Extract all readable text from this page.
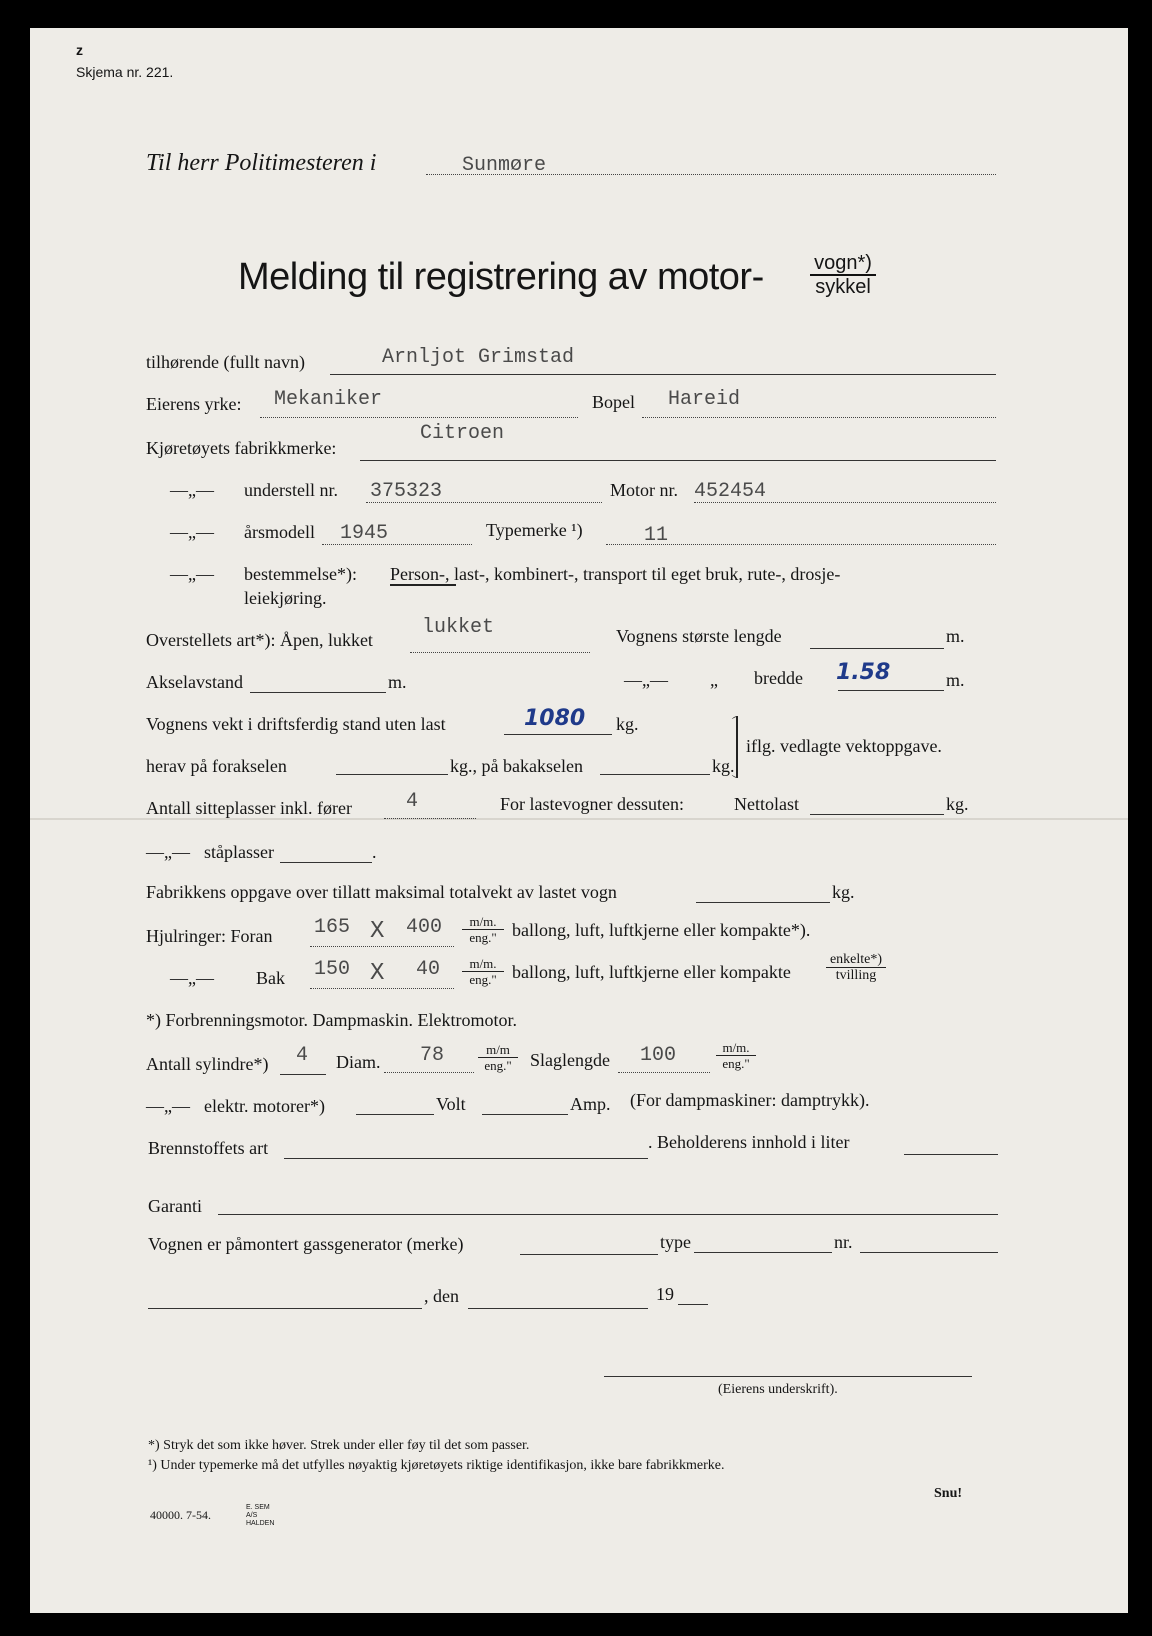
z
Skjema nr. 221.
Til herr Politimesteren i	Sunmøre
Melding til registrering av motor-	vogn*)
sykkel
tilhørende (fullt navn)	Arnljot Grimstad
Eierens yrke: Mekaniker	Bopel Hareid
Kjøretøyets fabrikkmerke:
Citroen
—„— understell nr. 375323	Motor nr. 452454
—„— årsmodell 1945	Typemerke ¹)	11
—„— bestemmelse*): Person-, last-, kombinert-, transport til eget bruk, rute-, drosje-
leiekjøring.
Overstellets art*): Åpen, lukket
lukket	Vognens største lengde	m.
Akselavstand	m.	—„— „ bredde 1.58	m.
Vognens vekt i driftsferdig stand uten last	1080 kg.
iflg. vedlagte vektoppgave.
herav på forakselen	kg., på bakakselen	kg.
Antall sitteplasser inkl. fører	4	For lastevogner dessuten:	Nettolast	kg.
—„— ståplasser	.
Fabrikkens oppgave over tillatt maksimal totalvekt av lastet vogn	kg.
Hjulringer: Foran 165 X 400	m/m.
eng." ballong, luft, luftkjerne eller kompakte*).
—„— Bak 150 X 40	m/m.
eng." ballong, luft, luftkjerne eller kompakte
enkelte*)
tvilling
*) Forbrenningsmotor. Dampmaskin. Elektromotor.
Antall sylindre*) 4 Diam. 78	m/m
eng."	Slaglengde 100	m/m.
eng."
—„— elektr. motorer*)	Volt	Amp. (For dampmaskiner: damptrykk).
Brennstoffets art	. Beholderens innhold i liter
Garanti
Vognen er påmontert gassgenerator (merke)	type	nr.
, den	19
(Eierens underskrift).
*) Stryk det som ikke høver. Strek under eller føy til det som passer.
¹) Under typemerke må det utfylles nøyaktig kjøretøyets riktige identifikasjon, ikke bare fabrikkmerke.
40000. 7-54.
E. SEM A/S HALDEN
Snu!
